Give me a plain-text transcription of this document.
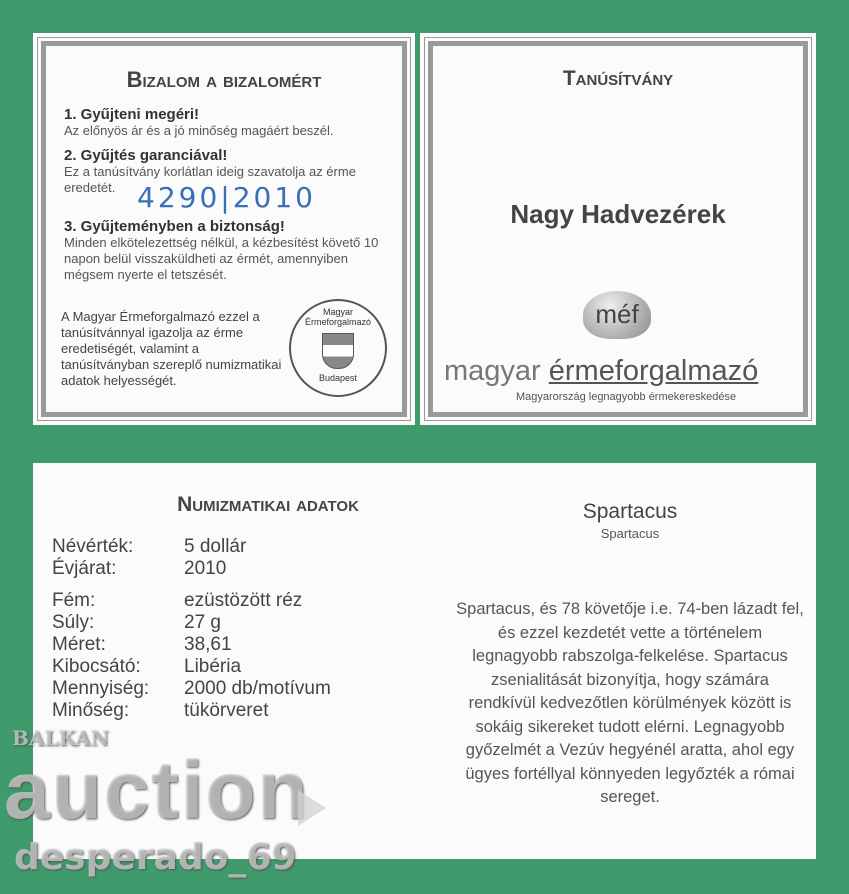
Bizalom a bizalomért
1. Gyűjteni megéri!
Az előnyös ár és a jó minőség magáért beszél.
2. Gyűjtés garanciával!
Ez a tanúsítvány korlátlan ideig szavatolja az érme eredetét.
3. Gyűjteményben a biztonság!
Minden elkötelezettség nélkül, a kézbesítést követő 10 napon belül visszaküldheti az érmét, amennyiben mégsem nyerte el tetszését.
4290|2010
A Magyar Érmeforgalmazó ezzel a tanúsítvánnyal igazolja az érme eredetiségét, valamint a tanúsítványban szereplő numizmatikai adatok helyességét.
Magyar Érmeforgalmazó
Budapest
Tanúsítvány
Nagy Hadvezérek
méf
magyar érmeforgalmazó
Magyarország legnagyobb érmekereskedése
Numizmatikai adatok
Névérték:	5 dollár
Évjárat:	2010
Fém:	ezüstözött réz
Súly:	27 g
Méret:	38,61
Kibocsátó: Libéria
Mennyiség: 2000 db/motívum
Minőség:	tükörveret
Spartacus
Spartacus
Spartacus, és 78 követője i.e. 74-ben lázadt fel, és ezzel kezdetét vette a történelem legnagyobb rabszolga-felkelése. Spartacus zsenialitását bizonyítja, hogy számára rendkívül kedvezőtlen körülmények között is sokáig sikereket tudott elérni. Legnagyobb győzelmét a Vezúv hegyénél aratta, ahol egy ügyes fortéllyal könnyeden legyőzték a római sereget.
BALKAN
auction
desperado_69
